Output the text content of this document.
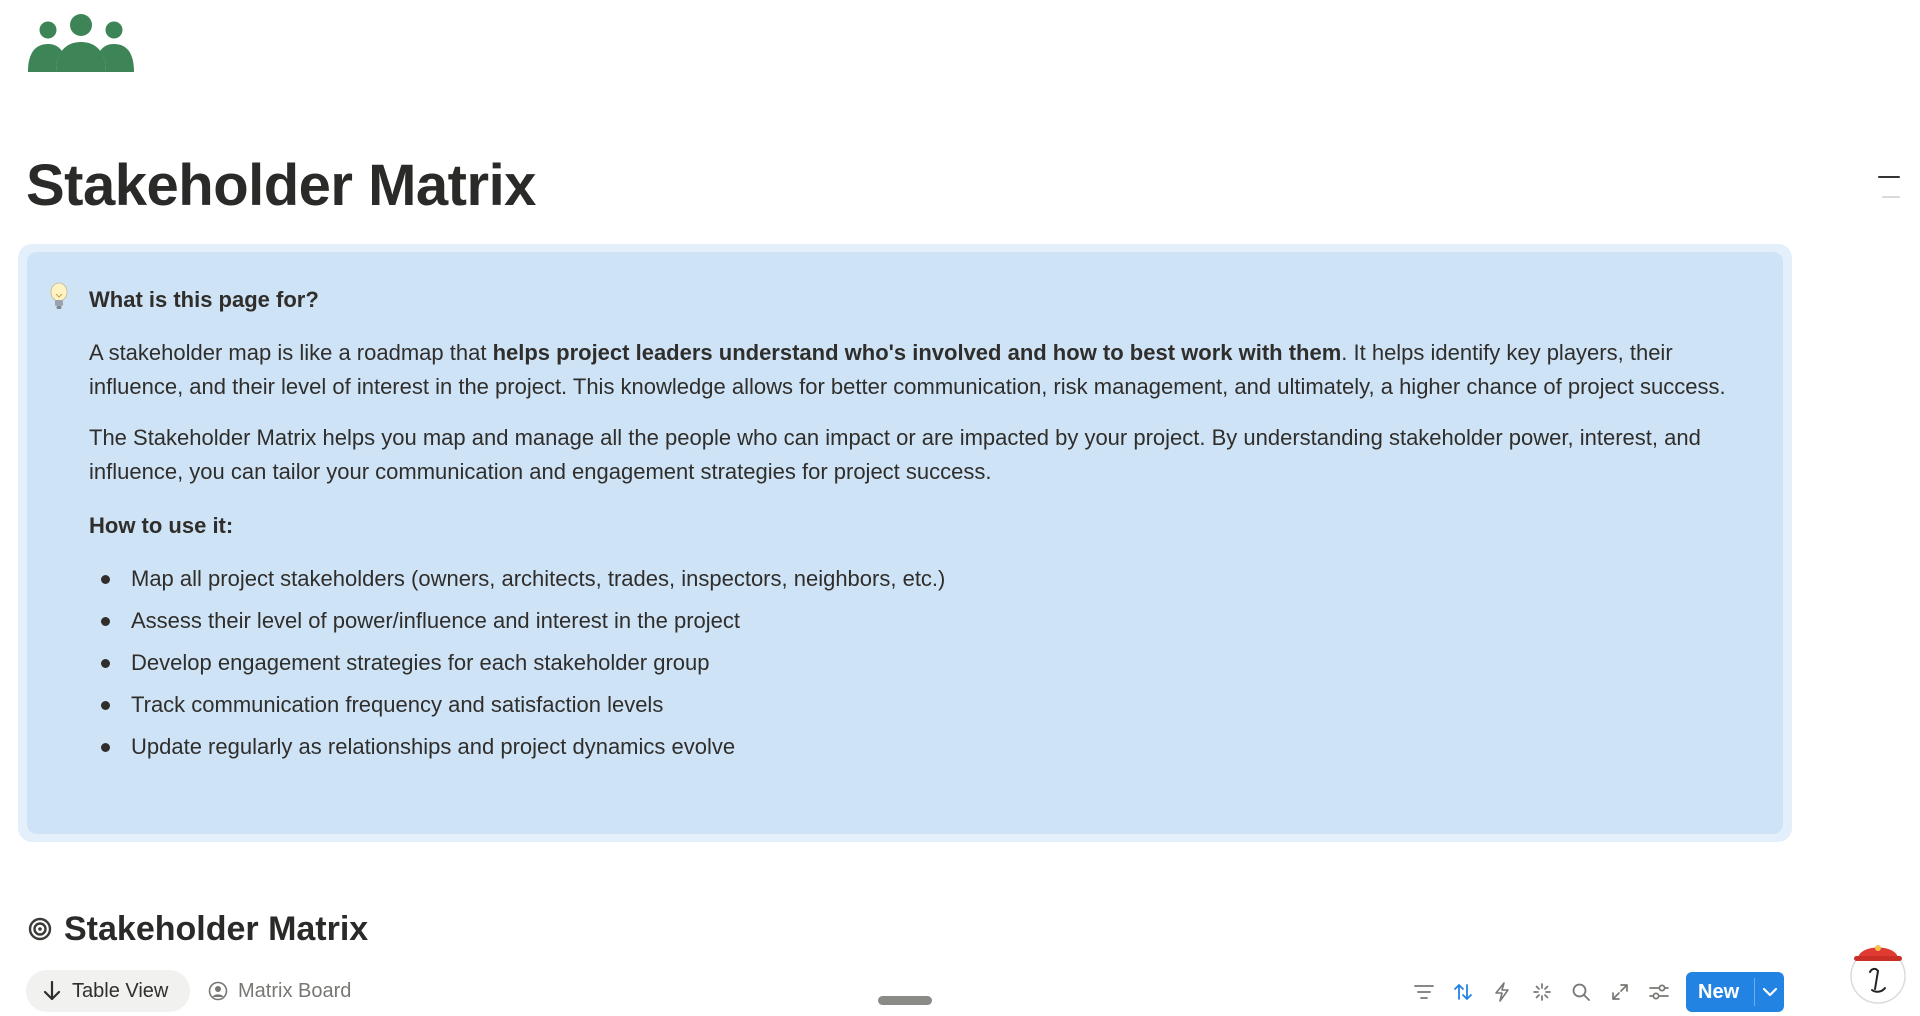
Stakeholder Matrix

What is this page for?

A stakeholder map is like a roadmap that helps project leaders understand who's involved and how to best work with them. It helps identify key players, their influence, and their level of interest in the project. This knowledge allows for better communication, risk management, and ultimately, a higher chance of project success.

The Stakeholder Matrix helps you map and manage all the people who can impact or are impacted by your project. By understanding stakeholder power, interest, and influence, you can tailor your communication and engagement strategies for project success.

How to use it:

Map all project stakeholders (owners, architects, trades, inspectors, neighbors, etc.)
Assess their level of power/influence and interest in the project
Develop engagement strategies for each stakeholder group
Track communication frequency and satisfaction levels
Update regularly as relationships and project dynamics evolve
Stakeholder Matrix
Table View	Matrix Board	New
